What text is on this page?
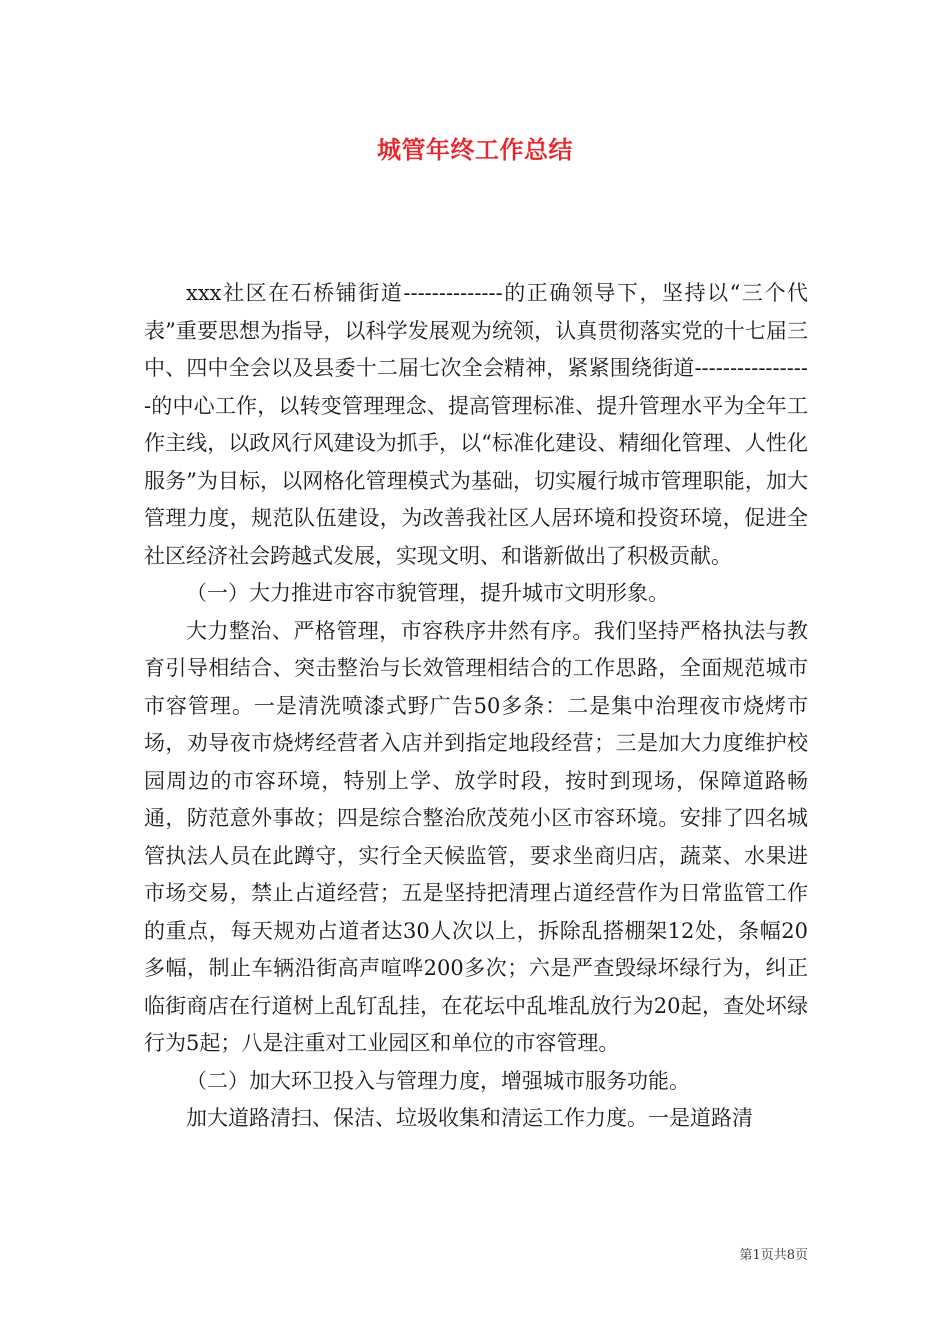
城管年终工作总结

xxx社区在石桥铺街道--------------的正确领导下，坚持以“三个代表”重要思想为指导，以科学发展观为统领，认真贯彻落实党的十七届三中、四中全会以及县委十二届七次全会精神，紧紧围绕街道-----------------的中心工作，以转变管理理念、提高管理标准、提升管理水平为全年工作主线，以政风行风建设为抓手，以“标准化建设、精细化管理、人性化服务”为目标，以网格化管理模式为基础，切实履行城市管理职能，加大管理力度，规范队伍建设，为改善我社区人居环境和投资环境，促进全社区经济社会跨越式发展，实现文明、和谐新做出了积极贡献。

（一）大力推进市容市貌管理，提升城市文明形象。

大力整治、严格管理，市容秩序井然有序。我们坚持严格执法与教育引导相结合、突击整治与长效管理相结合的工作思路，全面规范城市市容管理。一是清洗喷漆式野广告50多条：二是集中治理夜市烧烤市场，劝导夜市烧烤经营者入店并到指定地段经营；三是加大力度维护校园周边的市容环境，特别上学、放学时段，按时到现场，保障道路畅通，防范意外事故；四是综合整治欣茂苑小区市容环境。安排了四名城管执法人员在此蹲守，实行全天候监管，要求坐商归店，蔬菜、水果进市场交易，禁止占道经营；五是坚持把清理占道经营作为日常监管工作的重点，每天规劝占道者达30人次以上，拆除乱搭棚架12处，条幅20多幅，制止车辆沿街高声喧哗200多次；六是严查毁绿坏绿行为，纠正临街商店在行道树上乱钉乱挂，在花坛中乱堆乱放行为20起，查处坏绿行为5起；八是注重对工业园区和单位的市容管理。

（二）加大环卫投入与管理力度，增强城市服务功能。

加大道路清扫、保洁、垃圾收集和清运工作力度。一是道路清

第1页共8页
